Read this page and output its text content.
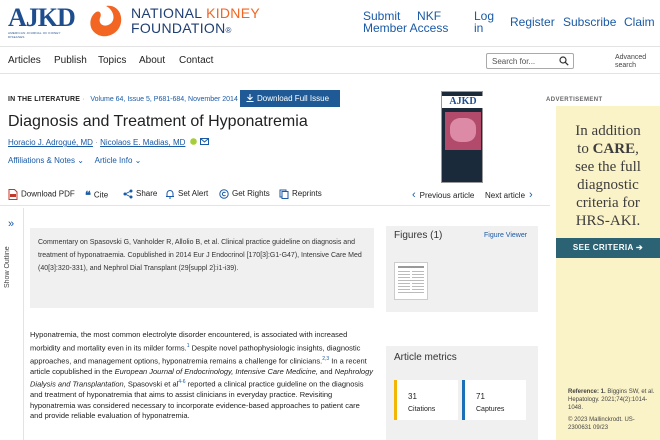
AJKD
AMERICAN JOURNAL OF KIDNEY DISEASES
NATIONAL KIDNEY
FOUNDATION®
Submit NKF
Member Access
Log
in	Register Subscribe Claim
Articles Publish Topics About Contact	Search for...	Advanced
search
IN THE LITERATURE · Volume 64, Issue 5, P681-684, November 2014	Download Full Issue
Diagnosis and Treatment of Hyponatremia
Horacio J. Adrogué, MD · Nicolaos E. Madias, MD
Affiliations & Notes ⌄ Article Info ⌄
AJKD	ADVERTISEMENT
In addition
to CARE,
see the full
diagnostic
criteria for
HRS-AKI.
SEE CRITERIA ➔
Reference: 1. Biggins SW, et al. Hepatology. 2021;74(2):1014-1048.
© 2023 Mallinckrodt. US-2300631 09/23
Download PDF ❝ Cite	Share	Set Alert	Get Rights	Reprints	‹ Previous article Next article ›
»
Show Outline
Commentary on Spasovski G, Vanholder R, Allolio B, et al. Clinical practice guideline on diagnosis and treatment of hyponatraemia. Copublished in 2014 Eur J Endocrinol [170[3]:G1-G47), Intensive Care Med (40[3]:320-331), and Nephrol Dial Transplant (29[suppl 2]:i1-i39).
Hyponatremia, the most common electrolyte disorder encountered, is associated with increased morbidity and mortality even in its milder forms.$^1$ Despite novel pathophysiologic insights, diagnostic approaches, and management options, hyponatremia remains a challenge for clinicians.$^{2,3}$ In a recent article copublished in the European Journal of Endocrinology, Intensive Care Medicine, and Nephrology Dialysis and Transplantation, Spasovski et $al^{4-6}$ reported a clinical practice guideline on the diagnosis and treatment of hyponatremia that aims to assist clinicians in everyday practice. Revisiting hyponatremia was considered necessary to incorporate evidence-based approaches to patient care and provide reliable evaluation of hyponatremia.
Figures (1)	Figure Viewer
Article metrics
31
Citations
71
Captures
